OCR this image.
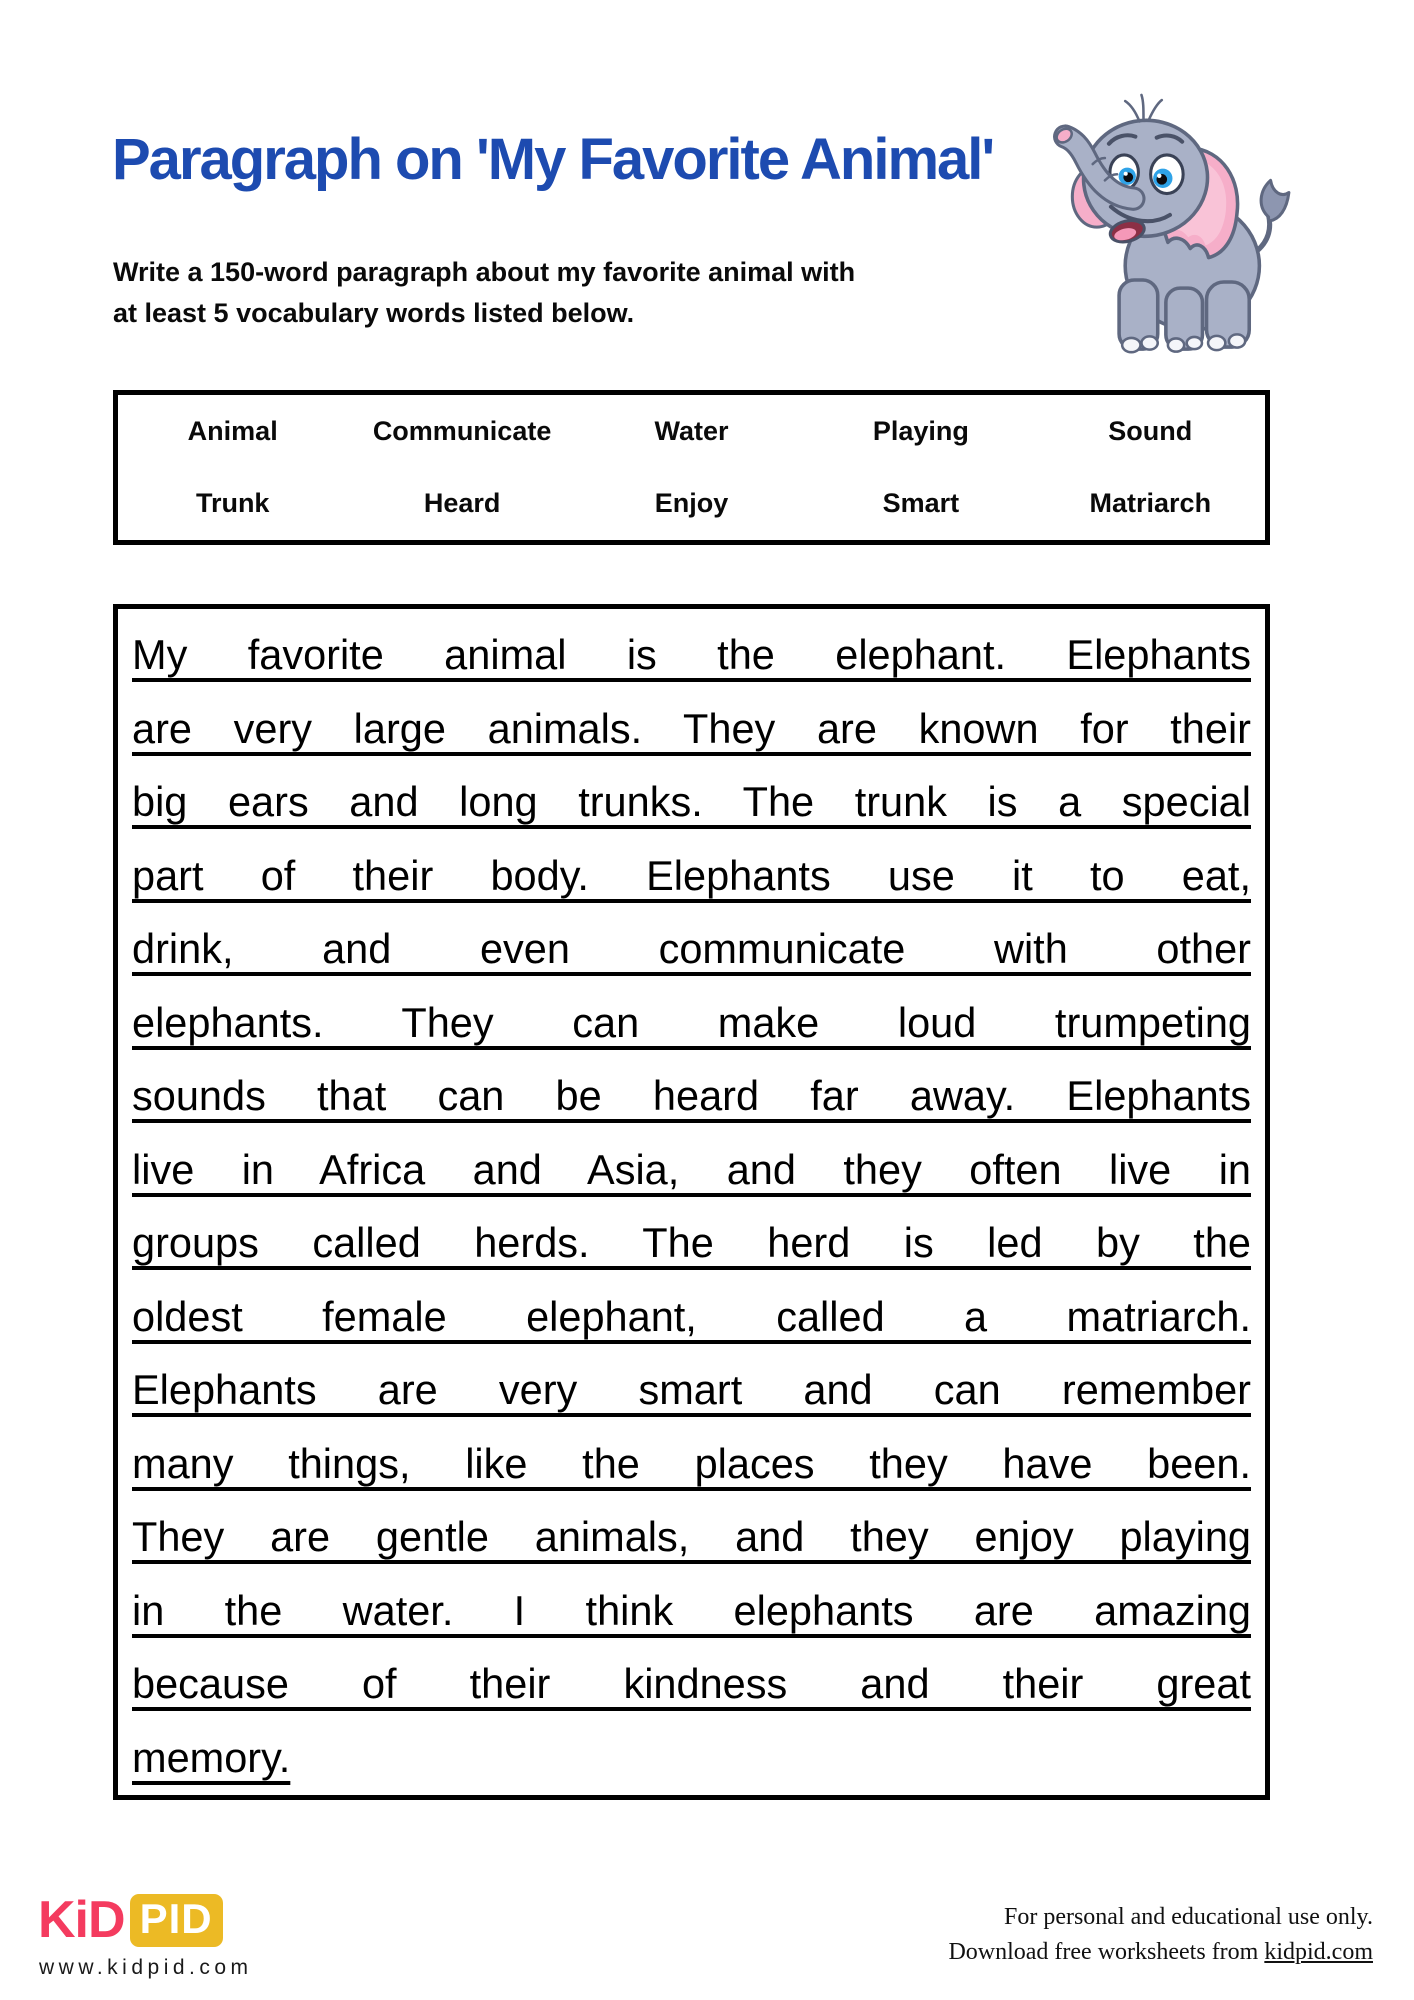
Paragraph on 'My Favorite Animal'
Write a 150-word paragraph about my favorite animal with
at least 5 vocabulary words listed below.
Animal	Communicate	Water	Playing	Sound
Trunk	Heard	Enjoy	Smart	Matriarch
My favorite animal is the elephant. Elephants
are very large animals. They are known for their
big ears and long trunks. The trunk is a special
part of their body. Elephants use it to eat,
drink, and even communicate with other
elephants. They can make loud trumpeting
sounds that can be heard far away. Elephants
live in Africa and Asia, and they often live in
groups called herds. The herd is led by the
oldest female elephant, called a matriarch.
Elephants are very smart and can remember
many things, like the places they have been.
They are gentle animals, and they enjoy playing
in the water. I think elephants are amazing
because of their kindness and their great
memory.
KiD PID
www.kidpid.com
For personal and educational use only.
Download free worksheets from kidpid.com
